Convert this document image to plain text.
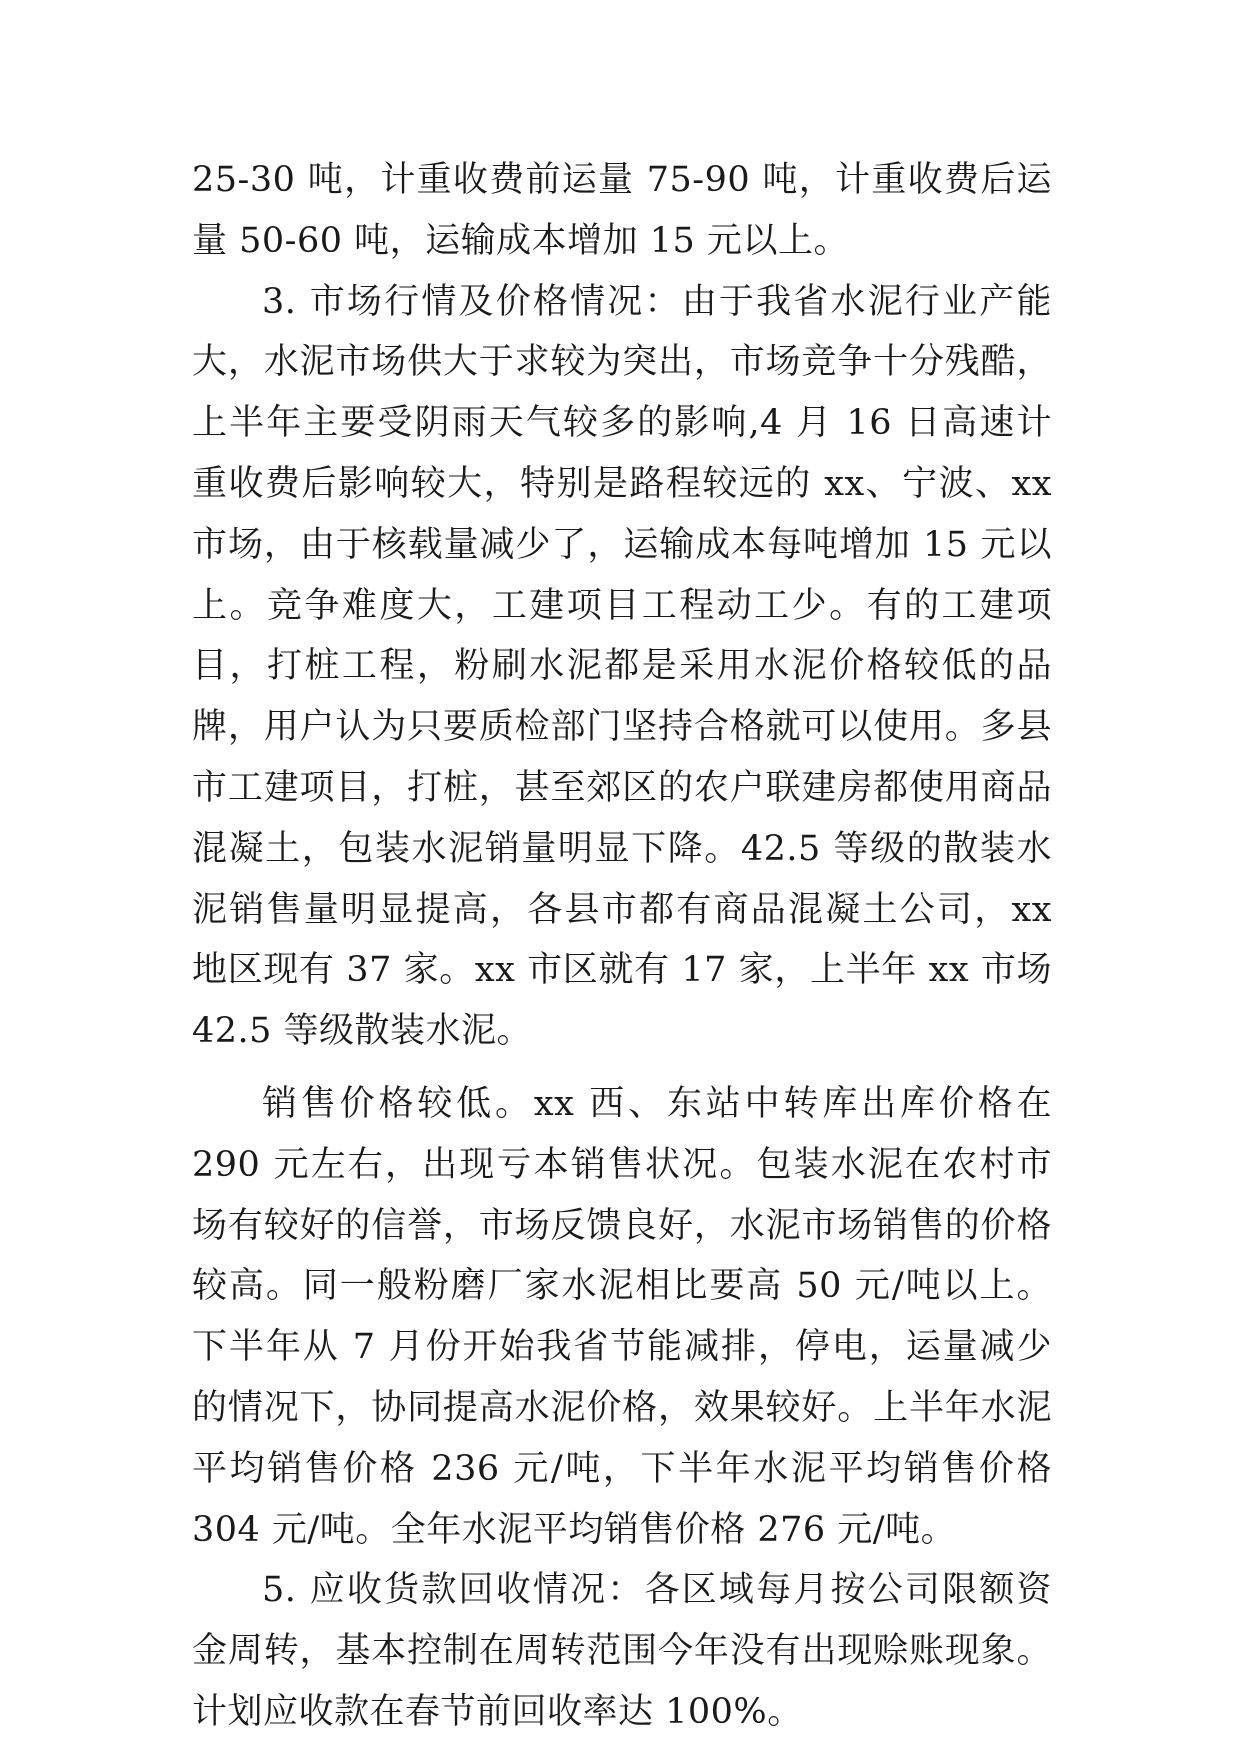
25-30 吨，计重收费前运量 75-90 吨，计重收费后运量 50-60 吨，运输成本增加 15 元以上。

3. 市场行情及价格情况：由于我省水泥行业产能大，水泥市场供大于求较为突出，市场竞争十分残酷，上半年主要受阴雨天气较多的影响,4 月 16 日高速计重收费后影响较大，特别是路程较远的 xx、宁波、xx 市场，由于核载量减少了，运输成本每吨增加 15 元以上。竞争难度大，工建项目工程动工少。有的工建项目，打桩工程，粉刷水泥都是采用水泥价格较低的品牌，用户认为只要质检部门坚持合格就可以使用。多县市工建项目，打桩，甚至郊区的农户联建房都使用商品混凝土，包装水泥销量明显下降。42.5 等级的散装水泥销售量明显提高，各县市都有商品混凝土公司，xx 地区现有 37 家。xx 市区就有 17 家，上半年 xx 市场 42.5 等级散装水泥。

销售价格较低。xx 西、东站中转库出库价格在 290 元左右，出现亏本销售状况。包装水泥在农村市场有较好的信誉，市场反馈良好，水泥市场销售的价格较高。同一般粉磨厂家水泥相比要高 50 元/吨以上。下半年从 7 月份开始我省节能减排，停电，运量减少的情况下，协同提高水泥价格，效果较好。上半年水泥平均销售价格 236 元/吨，下半年水泥平均销售价格 304 元/吨。全年水泥平均销售价格 276 元/吨。

5. 应收货款回收情况：各区域每月按公司限额资金周转，基本控制在周转范围今年没有出现赊账现象。计划应收款在春节前回收率达 100%。
